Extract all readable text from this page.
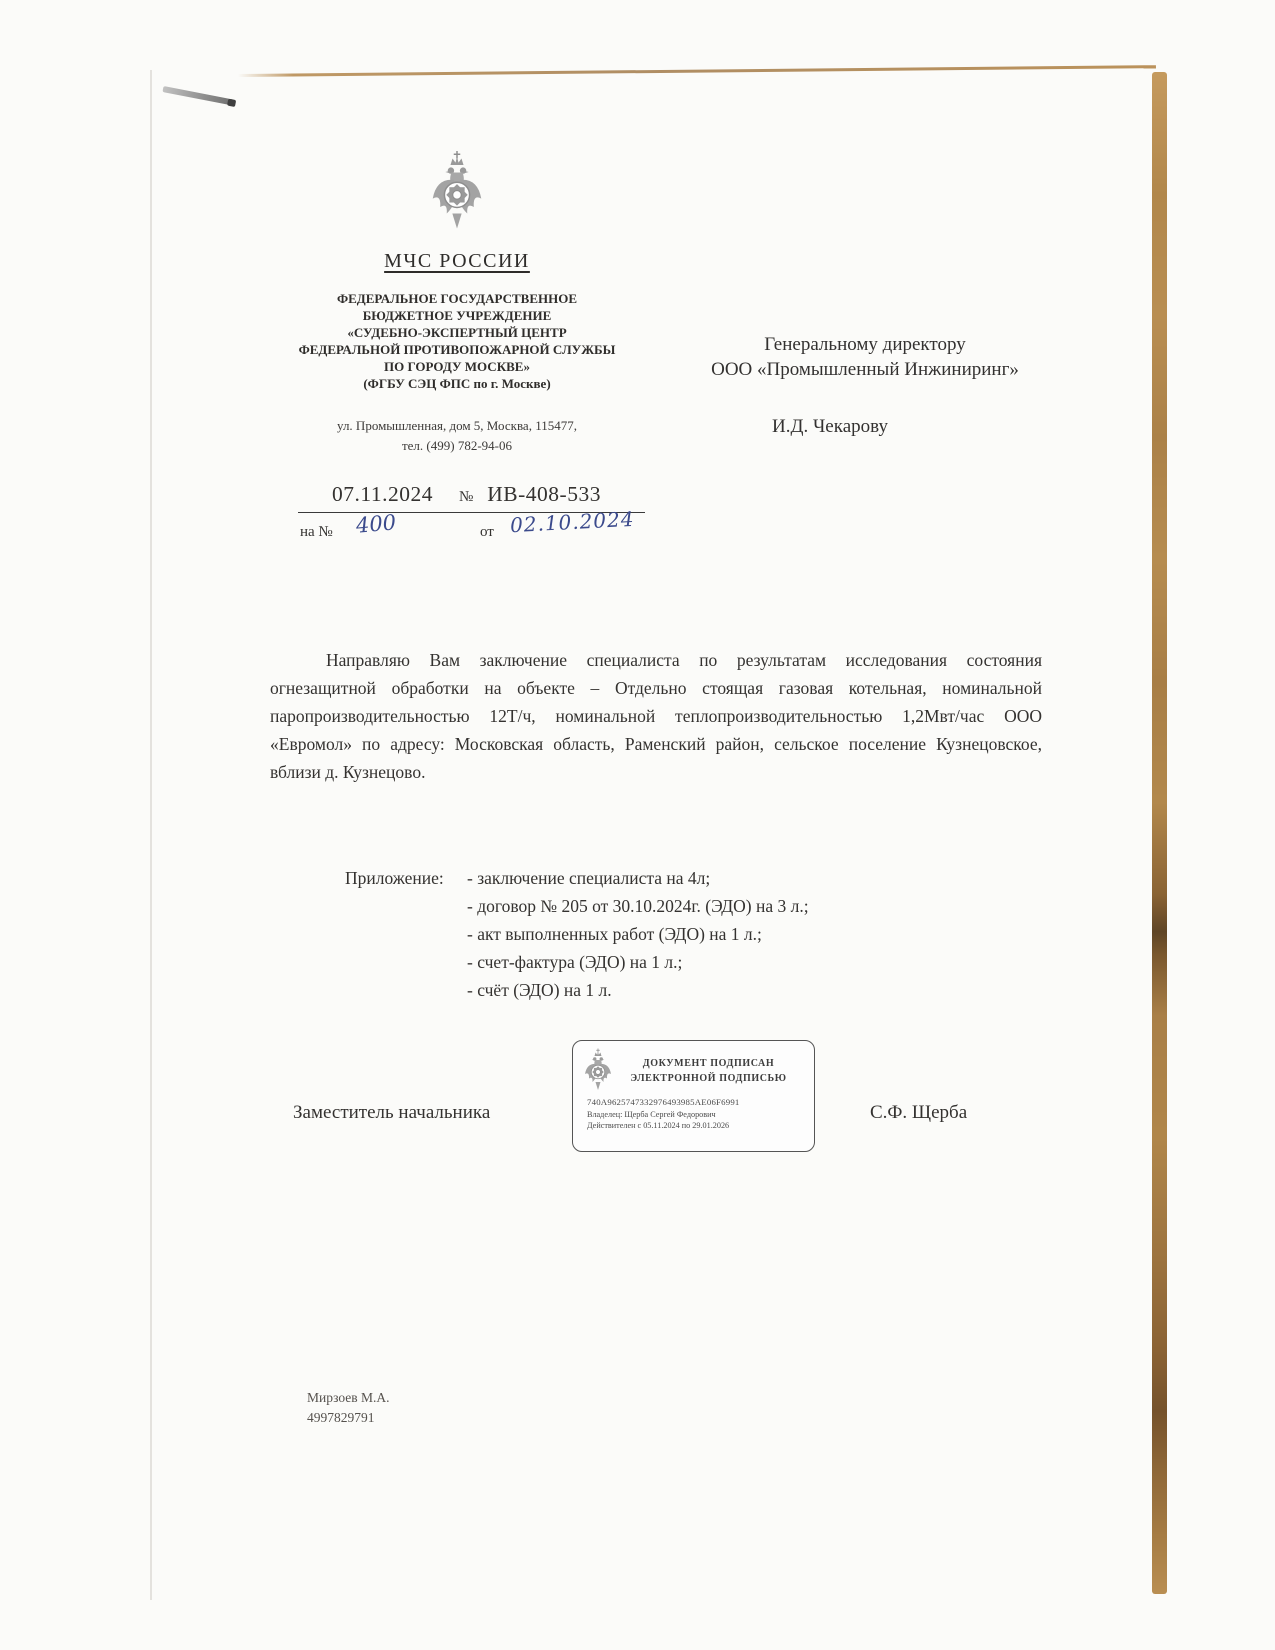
МЧС РОССИИ
ФЕДЕРАЛЬНОЕ ГОСУДАРСТВЕННОЕ
БЮДЖЕТНОЕ УЧРЕЖДЕНИЕ
«СУДЕБНО-ЭКСПЕРТНЫЙ ЦЕНТР
ФЕДЕРАЛЬНОЙ ПРОТИВОПОЖАРНОЙ СЛУЖБЫ
ПО ГОРОДУ МОСКВЕ»
(ФГБУ СЭЦ ФПС по г. Москве)
ул. Промышленная, дом 5, Москва, 115477,
тел. (499) 782-94-06
07.11.2024 № ИВ-408-533
на № 400	от 02.10.2024
Генеральному директору
ООО «Промышленный Инжиниринг»
И.Д. Чекарову
Направляю Вам заключение специалиста по результатам исследования состояния огнезащитной обработки на объекте – Отдельно стоящая газовая котельная, номинальной паропроизводительностью 12Т/ч, номинальной теплопроизводительностью 1,2Мвт/час ООО «Евромол» по адресу: Московская область, Раменский район, сельское поселение Кузнецовское, вблизи д. Кузнецово.
Приложение:	- заключение специалиста на 4л;
- договор № 205 от 30.10.2024г. (ЭДО) на 3 л.;
- акт выполненных работ (ЭДО) на 1 л.;
- счет-фактура (ЭДО) на 1 л.;
- счёт (ЭДО) на 1 л.
Заместитель начальника
ДОКУМЕНТ ПОДПИСАН
ЭЛЕКТРОННОЙ ПОДПИСЬЮ
740A9625747332976493985AE06F6991
Владелец: Щерба Сергей Федорович
Действителен с 05.11.2024 по 29.01.2026
С.Ф. Щерба
Мирзоев М.А.
4997829791
